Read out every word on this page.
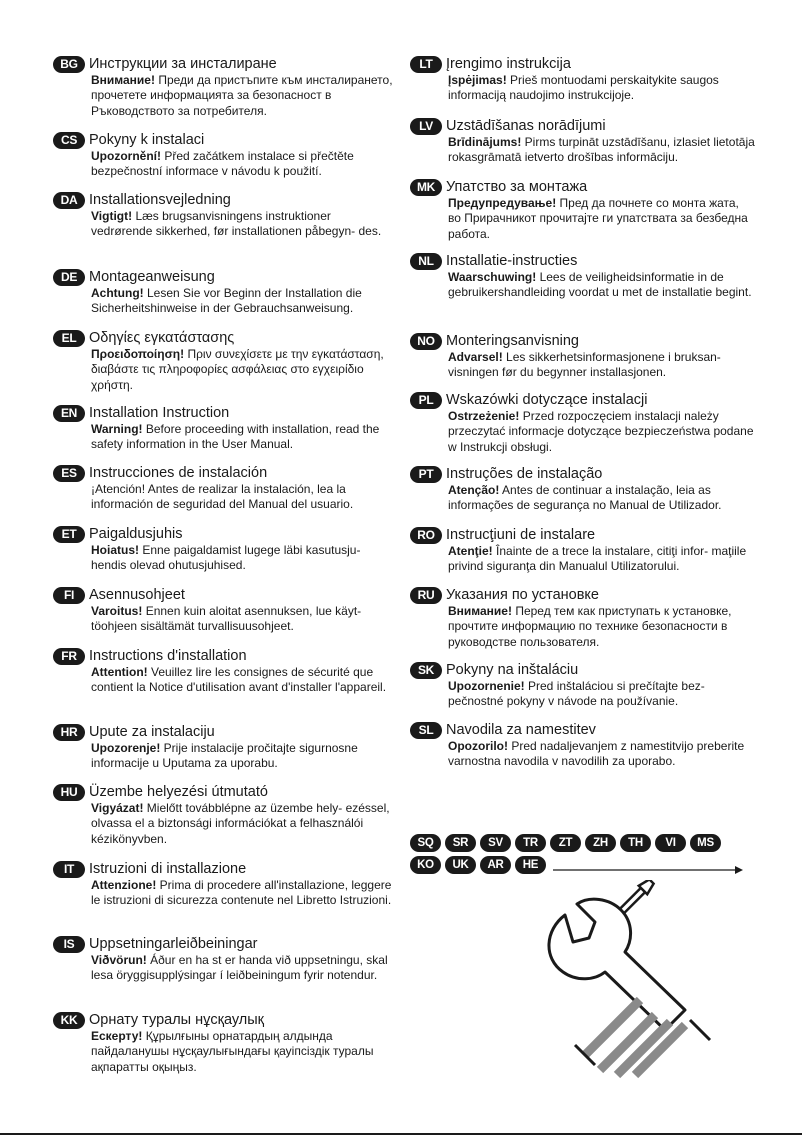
BG Инструкции за инсталиране
Внимание! Преди да пристъпите към инсталирането, прочетете информацията за безопасност в Ръководството за потребителя.
CS Pokyny k instalaci
Upozornění! Před začátkem instalace si přečtěte bezpečnostní informace v návodu k použití.
DA Installationsvejledning
Vigtigt! Læs brugsanvisningens instruktioner vedrørende sikkerhed, før installationen påbegyn- des.
DE Montageanweisung
Achtung! Lesen Sie vor Beginn der Installation die Sicherheitshinweise in der Gebrauchsanweisung.
EL Οδηγίες εγκατάστασης
Προειδοποίηση! Πριν συνεχίσετε με την εγκατάσταση, διαβάστε τις πληροφορίες ασφάλειας στο εγχειρίδιο χρήστη.
EN Installation Instruction
Warning! Before proceeding with installation, read the safety information in the User Manual.
ES Instrucciones de instalación
¡Atención! Antes de realizar la instalación, lea la información de seguridad del Manual del usuario.
ET Paigaldusjuhis
Hoiatus! Enne paigaldamist lugege läbi kasutusju- hendis olevad ohutusjuhised.
FI	Asennusohjeet
Varoitus! Ennen kuin aloitat asennuksen, lue käyt- töohjeen sisältämät turvallisuusohjeet.
FR Instructions d'installation
Attention! Veuillez lire les consignes de sécurité que contient la Notice d'utilisation avant d'installer l'appareil.
HR Upute za instalaciju
Upozorenje! Prije instalacije pročitajte sigurnosne informacije u Uputama za uporabu.
HU Üzembe helyezési útmutató
Vigyázat! Mielőtt továbblépne az üzembe hely- ezéssel, olvassa el a biztonsági információkat a felhasználói kézikönyvben.
IT	Istruzioni di installazione
Attenzione! Prima di procedere all'installazione, leggere le istruzioni di sicurezza contenute nel Libretto Istruzioni.
IS	Uppsetningarleiðbeiningar
Viðvörun! Áður en ha st er handa við uppsetningu, skal lesa öryggisupplýsingar í leiðbeiningum fyrir notendur.
KK Орнату туралы нұсқаулық
Ескерту! Құрылғыны орнатардың алдында пайдаланушы нұсқаулығындағы қауіпсіздік туралы ақпаратты оқыңыз.
LT Įrengimo instrukcija
Įspėjimas! Prieš montuodami perskaitykite saugos informaciją naudojimo instrukcijoje.
LV Uzstādīšanas norādījumi
Brīdinājums! Pirms turpināt uzstādīšanu, izlasiet lietotāja rokasgrāmatā ietverto drošības informāciju.
MK Упатство за монтажа
Предупредување! Пред да почнете со монта жата, во Прирачникот прочитајте ги упатствата за безбедна работа.
NL Installatie-instructies
Waarschuwing! Lees de veiligheidsinformatie in de gebruikershandleiding voordat u met de installatie begint.
NO Monteringsanvisning
Advarsel! Les sikkerhetsinformasjonene i bruksan- visningen før du begynner installasjonen.
PL Wskazówki dotyczące instalacji
Ostrzeżenie! Przed rozpoczęciem instalacji należy przeczytać informacje dotyczące bezpieczeństwa podane w Instrukcji obsługi.
PT Instruções de instalação
Atenção! Antes de continuar a instalação, leia as informações de segurança no Manual de Utilizador.
RO Instrucţiuni de instalare
Atenţie! Înainte de a trece la instalare, citiţi infor- maţiile privind siguranţa din Manualul Utilizatorului.
RU Указания по установке
Внимание! Перед тем как приступать к установке, прочтите информацию по технике безопасности в руководстве пользователя.
SK Pokyny na inštaláciu
Upozornenie! Pred inštaláciou si prečítajte bez- pečnostné pokyny v návode na používanie.
SL Navodila za namestitev
Opozorilo! Pred nadaljevanjem z namestitvijo preberite varnostna navodila v navodilih za uporabo.
SQ	SR	SV	TR	ZT	ZH	TH	VI	MS
KO	UK	AR	HE
